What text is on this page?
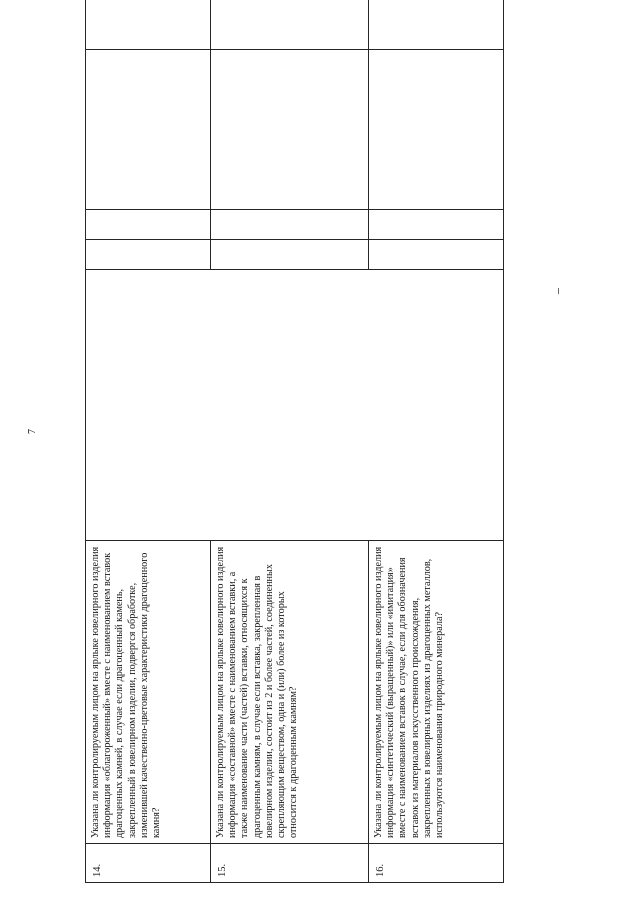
7
14.	Указана ли контролируемым лицом на ярлыке ювелирного изделия информация «облагороженный» вместе с наименованием вставок драгоценных камней, в случае если драгоценный камень, закрепленный в ювелирном изделии, подвергся обработке, изменившей качественно-цветовые характеристики драгоценного камня?					
15.	Указана ли контролируемым лицом на ярлыке ювелирного изделия информация «составной» вместе с наименованием вставки, а также наименование части (частей) вставки, относящихся к драгоценным камням, в случае если вставка, закрепленная в ювелирном изделии, состоит из 2 и более частей, соединенных скрепляющим веществом, одна и (или) более из которых относится к драгоценным камням?					
16.	Указана ли контролируемым лицом на ярлыке ювелирного изделия информация «синтетический (выращенный)» или «имитация» вместе с наименованием вставок в случае, если для обозначения вставок из материалов искусственного происхождения, закрепленных в ювелирных изделиях из драгоценных металлов, используются наименования природного минерала?					
